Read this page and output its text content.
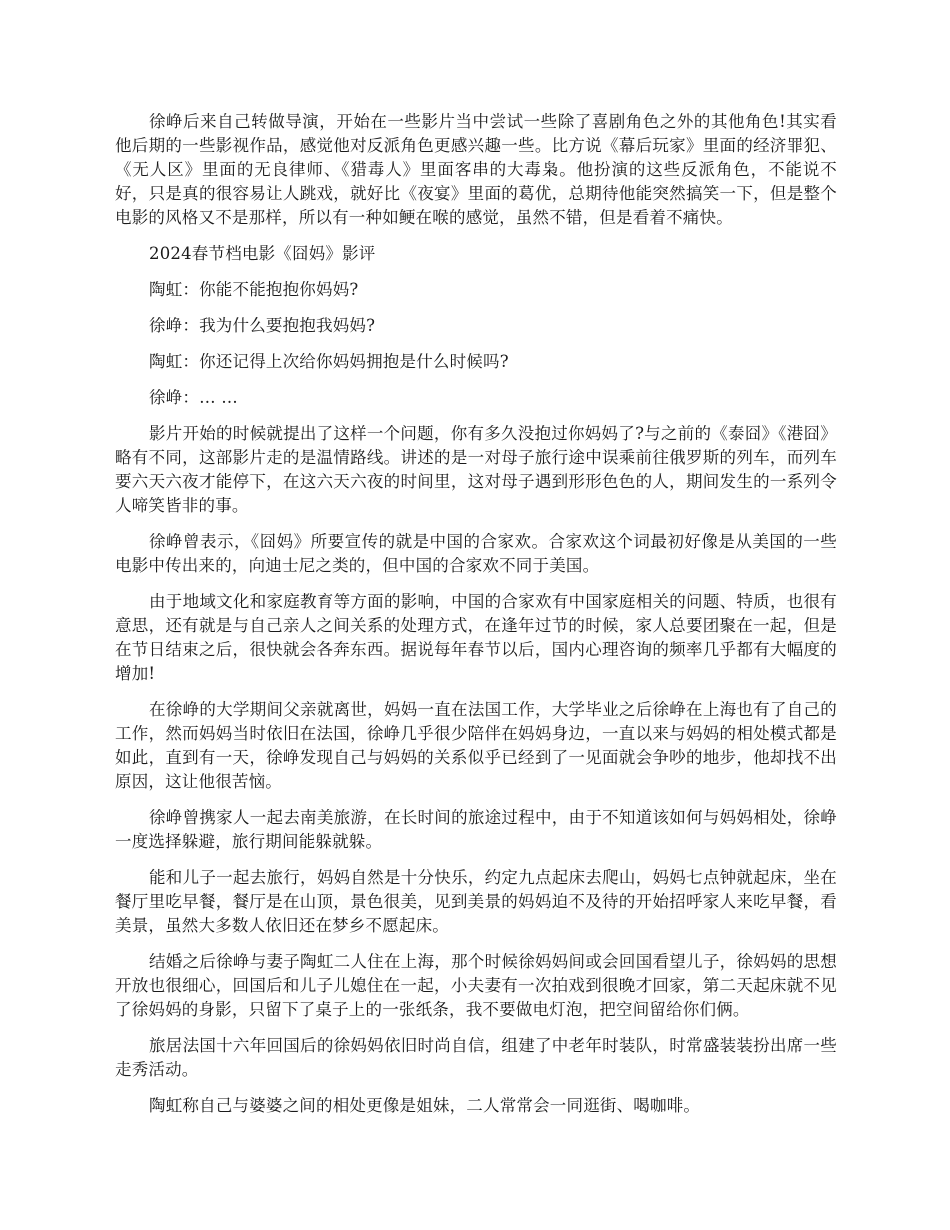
徐峥后来自己转做导演，开始在一些影片当中尝试一些除了喜剧角色之外的其他角色!其实看他后期的一些影视作品，感觉他对反派角色更感兴趣一些。比方说《幕后玩家》里面的经济罪犯、《无人区》里面的无良律师、《猎毒人》里面客串的大毒枭。他扮演的这些反派角色，不能说不好，只是真的很容易让人跳戏，就好比《夜宴》里面的葛优，总期待他能突然搞笑一下，但是整个电影的风格又不是那样，所以有一种如鲠在喉的感觉，虽然不错，但是看着不痛快。

2024春节档电影《囧妈》影评

陶虹：你能不能抱抱你妈妈?

徐峥：我为什么要抱抱我妈妈?

陶虹：你还记得上次给你妈妈拥抱是什么时候吗?

徐峥：… …

影片开始的时候就提出了这样一个问题，你有多久没抱过你妈妈了?与之前的《泰囧》《港囧》略有不同，这部影片走的是温情路线。讲述的是一对母子旅行途中误乘前往俄罗斯的列车，而列车要六天六夜才能停下，在这六天六夜的时间里，这对母子遇到形形色色的人，期间发生的一系列令人啼笑皆非的事。

徐峥曾表示，《囧妈》所要宣传的就是中国的合家欢。合家欢这个词最初好像是从美国的一些电影中传出来的，向迪士尼之类的，但中国的合家欢不同于美国。

由于地域文化和家庭教育等方面的影响，中国的合家欢有中国家庭相关的问题、特质，也很有意思，还有就是与自己亲人之间关系的处理方式，在逢年过节的时候，家人总要团聚在一起，但是在节日结束之后，很快就会各奔东西。据说每年春节以后，国内心理咨询的频率几乎都有大幅度的增加!

在徐峥的大学期间父亲就离世，妈妈一直在法国工作，大学毕业之后徐峥在上海也有了自己的工作，然而妈妈当时依旧在法国，徐峥几乎很少陪伴在妈妈身边，一直以来与妈妈的相处模式都是如此，直到有一天，徐峥发现自己与妈妈的关系似乎已经到了一见面就会争吵的地步，他却找不出原因，这让他很苦恼。

徐峥曾携家人一起去南美旅游，在长时间的旅途过程中，由于不知道该如何与妈妈相处，徐峥一度选择躲避，旅行期间能躲就躲。

能和儿子一起去旅行，妈妈自然是十分快乐，约定九点起床去爬山，妈妈七点钟就起床，坐在餐厅里吃早餐，餐厅是在山顶，景色很美，见到美景的妈妈迫不及待的开始招呼家人来吃早餐，看美景，虽然大多数人依旧还在梦乡不愿起床。

结婚之后徐峥与妻子陶虹二人住在上海，那个时候徐妈妈间或会回国看望儿子，徐妈妈的思想开放也很细心，回国后和儿子儿媳住在一起，小夫妻有一次拍戏到很晚才回家，第二天起床就不见了徐妈妈的身影，只留下了桌子上的一张纸条，我不要做电灯泡，把空间留给你们俩。

旅居法国十六年回国后的徐妈妈依旧时尚自信，组建了中老年时装队，时常盛装装扮出席一些走秀活动。

陶虹称自己与婆婆之间的相处更像是姐妹，二人常常会一同逛街、喝咖啡。
